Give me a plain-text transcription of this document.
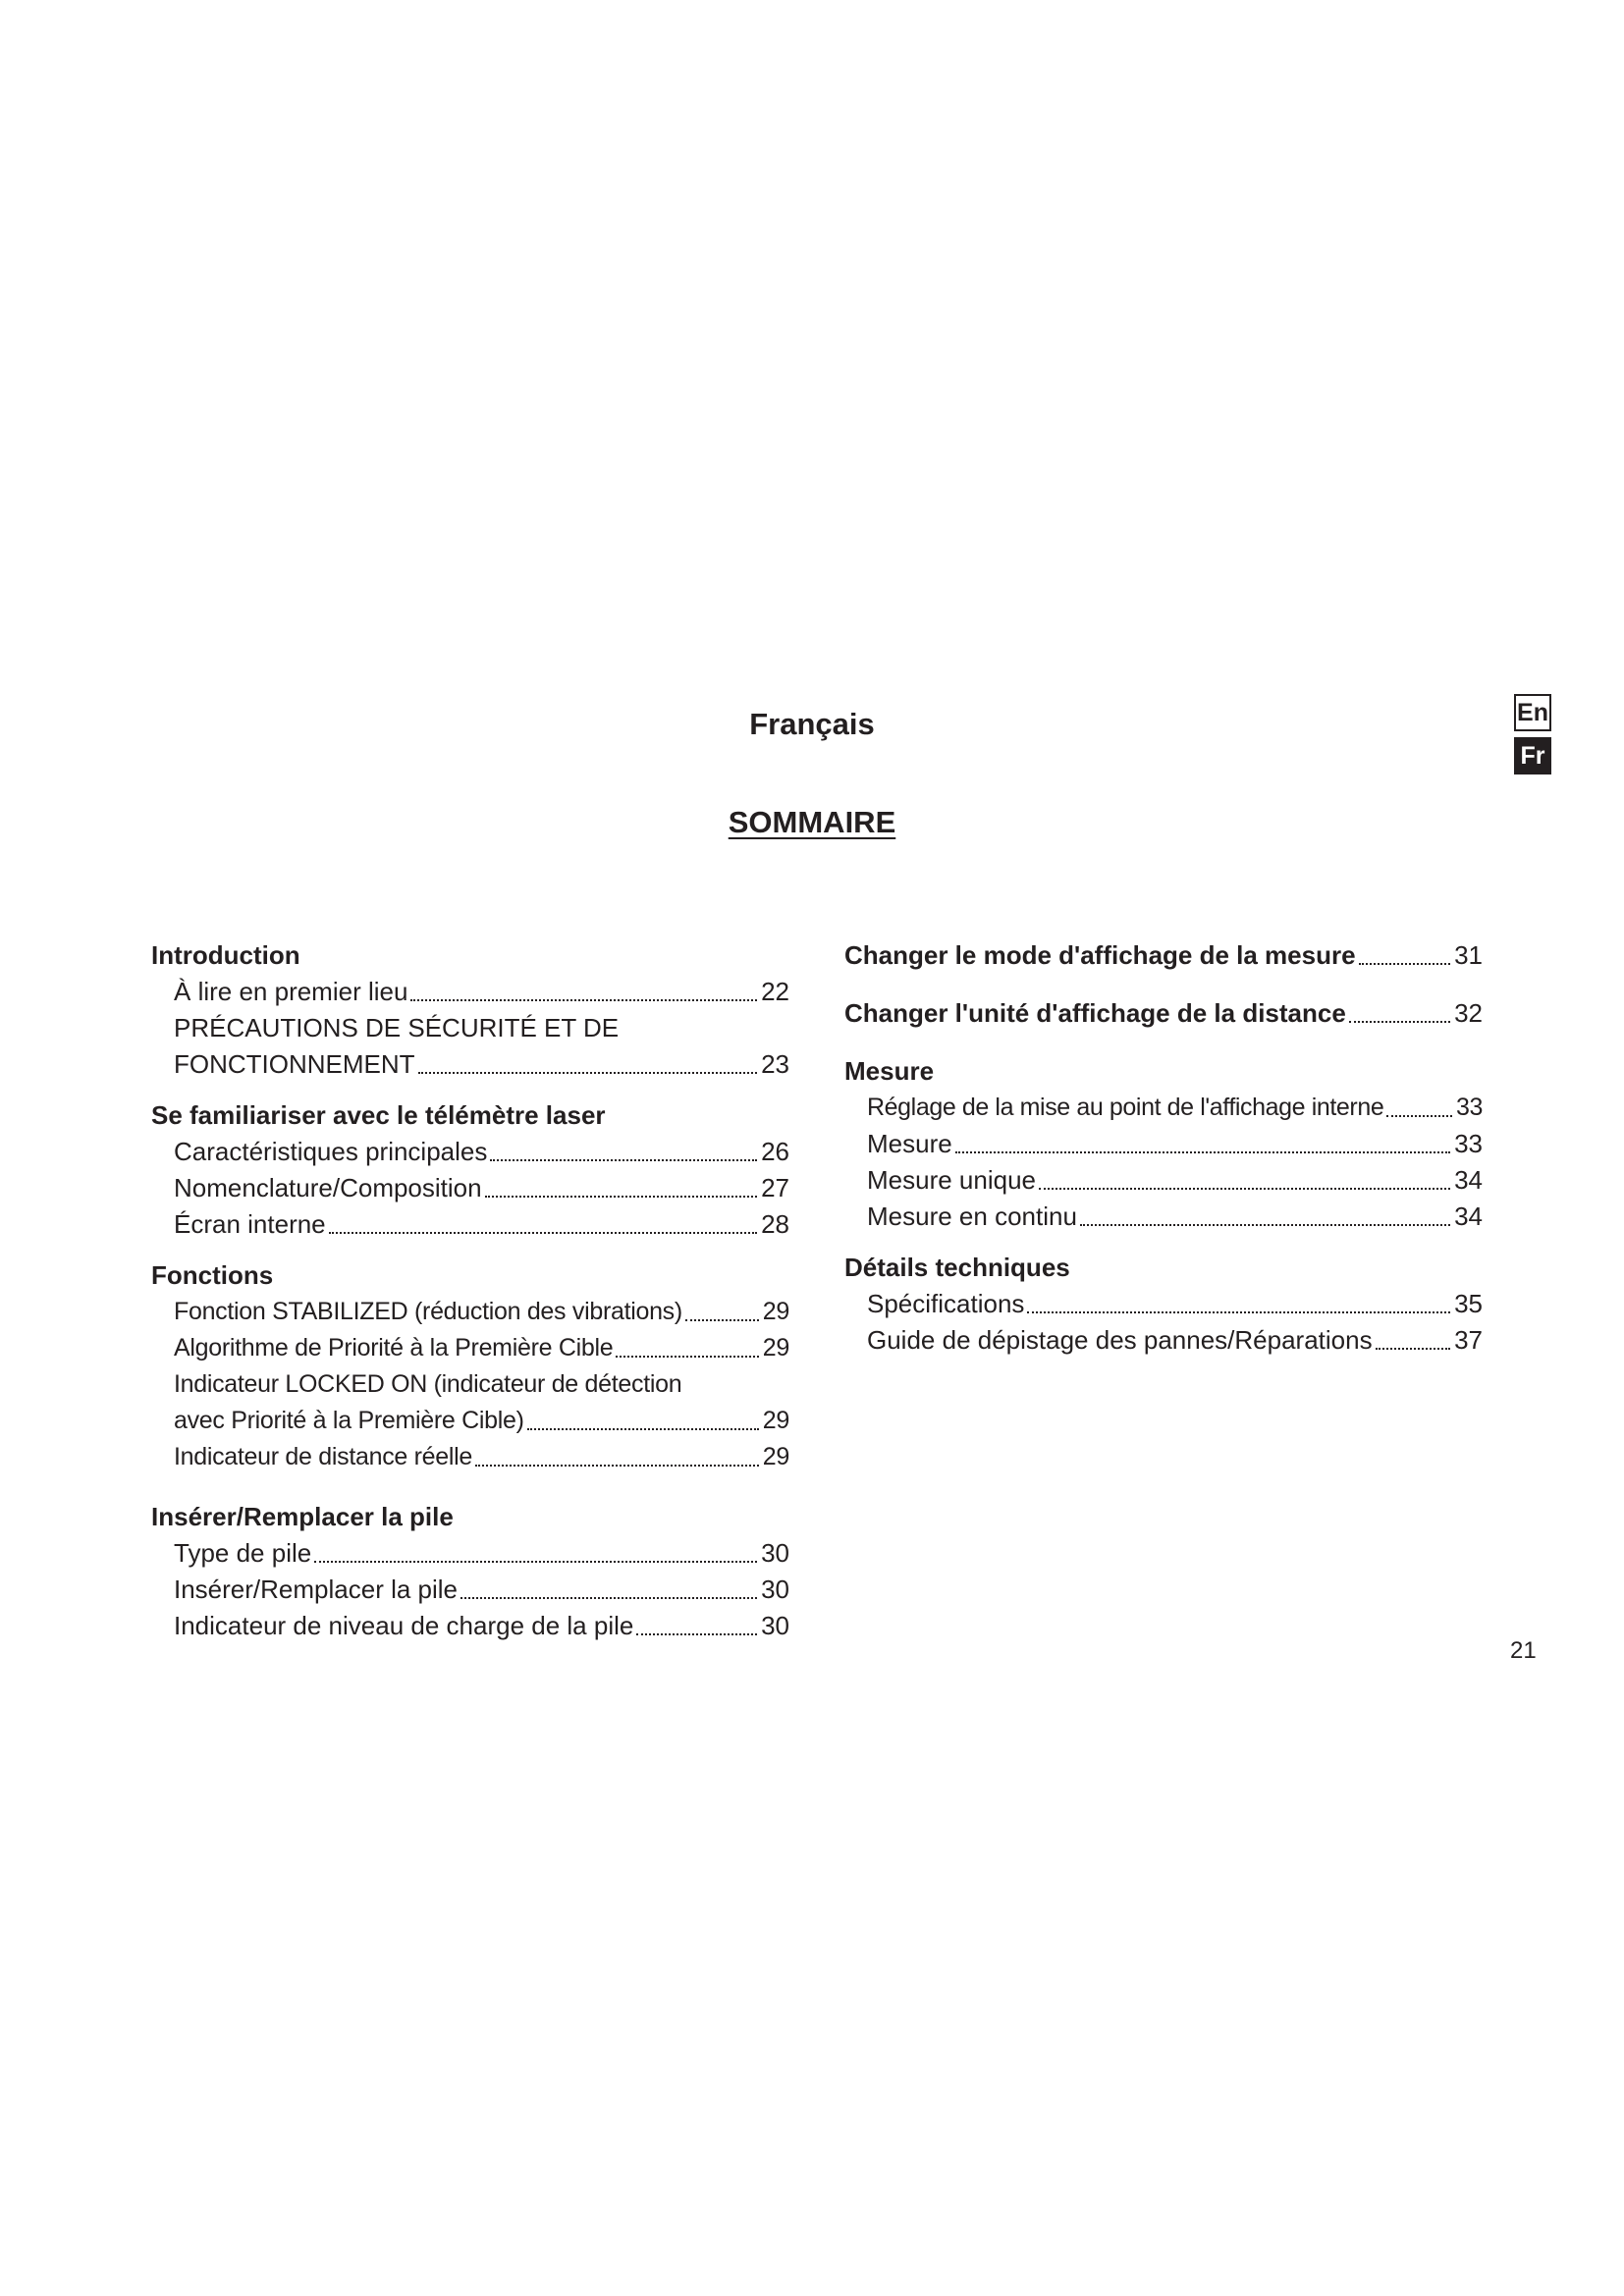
Français
SOMMAIRE
En
Fr
Introduction
À lire en premier lieu	22
PRÉCAUTIONS DE SÉCURITÉ ET DE
FONCTIONNEMENT	23
Se familiariser avec le télémètre laser
Caractéristiques principales	26
Nomenclature/Composition	27
Écran interne	28
Fonctions
Fonction STABILIZED (réduction des vibrations)	29
Algorithme de Priorité à la Première Cible	29
Indicateur LOCKED ON (indicateur de détection
avec Priorité à la Première Cible)	29
Indicateur de distance réelle	29
Insérer/Remplacer la pile
Type de pile	30
Insérer/Remplacer la pile	30
Indicateur de niveau de charge de la pile	30
Changer le mode d'affichage de la mesure	31
Changer l'unité d'affichage de la distance	32
Mesure
Réglage de la mise au point de l'affichage interne	33
Mesure	33
Mesure unique	34
Mesure en continu	34
Détails techniques
Spécifications	35
Guide de dépistage des pannes/Réparations	37
21
